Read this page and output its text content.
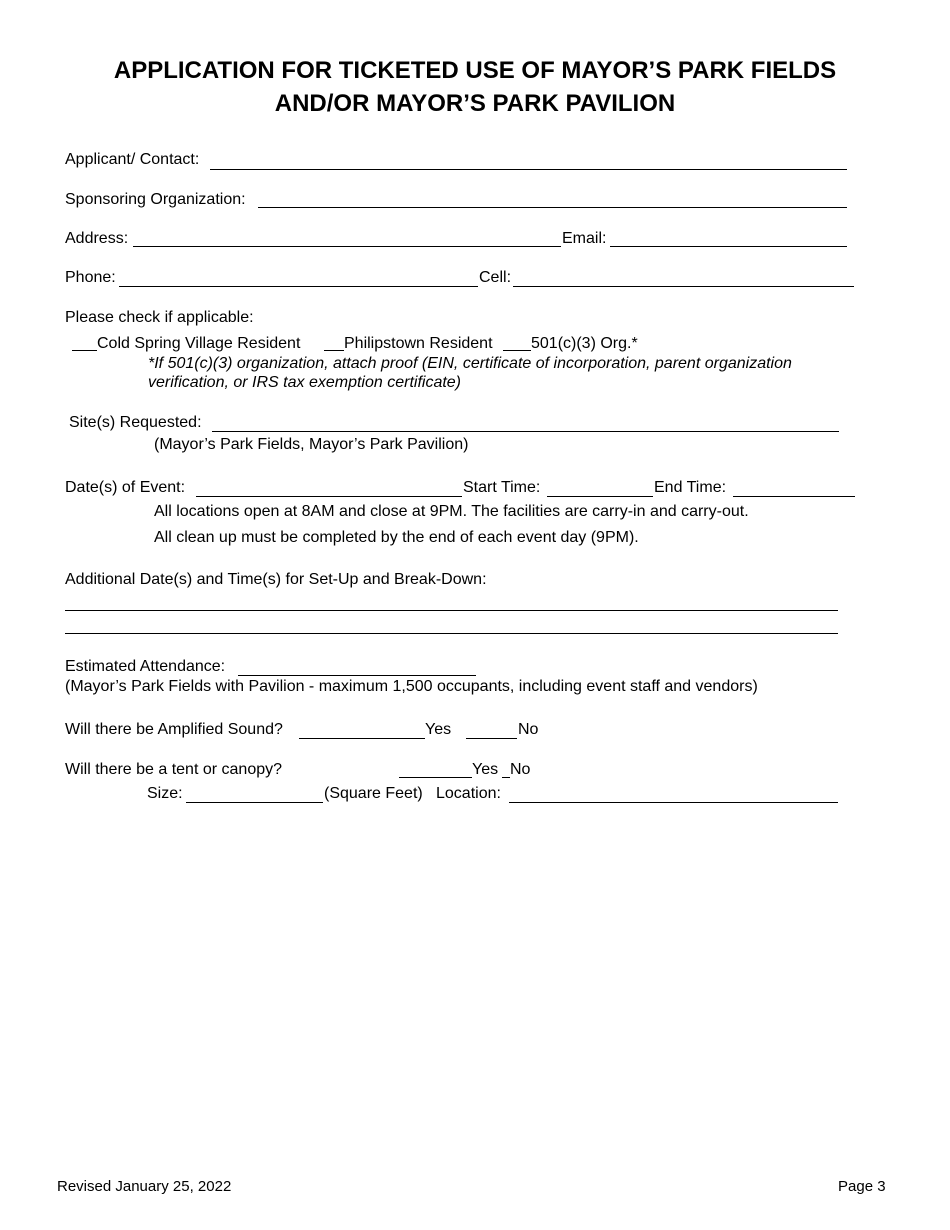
APPLICATION FOR TICKETED USE OF MAYOR’S PARK FIELDS
AND/OR MAYOR’S PARK PAVILION
Applicant/ Contact:
Sponsoring Organization:
Address:	Email:
Phone:	Cell:
Please check if applicable:
Cold Spring Village Resident	Philipstown Resident 501(c)(3) Org.*
*If 501(c)(3) organization, attach proof (EIN, certificate of incorporation, parent organization
verification, or IRS tax exemption certificate)
Site(s) Requested:
(Mayor’s Park Fields, Mayor’s Park Pavilion)
Date(s) of Event:	Start Time:	End Time:
All locations open at 8AM and close at 9PM. The facilities are carry-in and carry-out.
All clean up must be completed by the end of each event day (9PM).
Additional Date(s) and Time(s) for Set-Up and Break-Down:
Estimated Attendance:
(Mayor’s Park Fields with Pavilion - maximum 1,500 occupants, including event staff and vendors)
Will there be Amplified Sound?	Yes	No
Will there be a tent or canopy?	Yes No
Size:	(Square Feet) Location:
Revised January 25, 2022	Page 3
